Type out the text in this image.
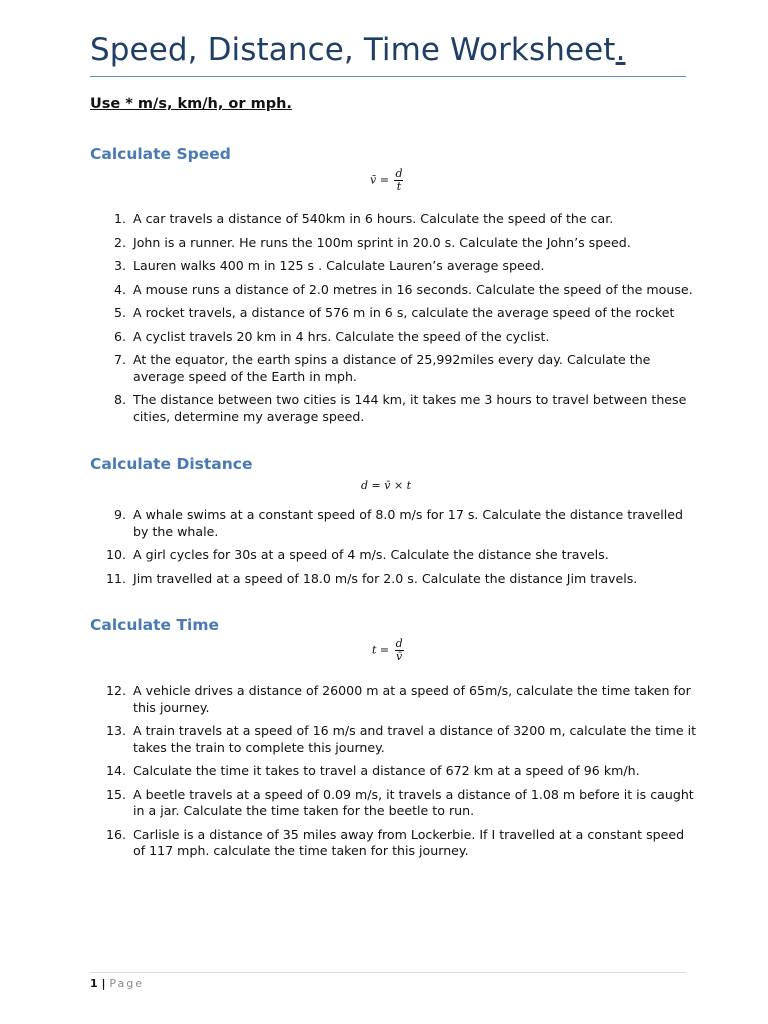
Speed, Distance, Time Worksheet.
Use * m/s, km/h, or mph.
Calculate Speed
v̄ = $\frac{d}{t}$
1. A car travels a distance of 540km in 6 hours. Calculate the speed of the car.
2. John is a runner. He runs the 100m sprint in 20.0 s. Calculate the John’s speed.
3. Lauren walks 400 m in 125 s . Calculate Lauren’s average speed.
4. A mouse runs a distance of 2.0 metres in 16 seconds. Calculate the speed of the mouse.
5. A rocket travels, a distance of 576 m in 6 s, calculate the average speed of the rocket
6. A cyclist travels 20 km in 4 hrs. Calculate the speed of the cyclist.
7. At the equator, the earth spins a distance of 25,992miles every day. Calculate the average speed of the Earth in mph.
8. The distance between two cities is 144 km, it takes me 3 hours to travel between these cities, determine my average speed.
Calculate Distance
d = v̄ × t
9. A whale swims at a constant speed of 8.0 m/s for 17 s. Calculate the distance travelled by the whale.
10. A girl cycles for 30s at a speed of 4 m/s. Calculate the distance she travels.
11. Jim travelled at a speed of 18.0 m/s for 2.0 s. Calculate the distance Jim travels.
Calculate Time
$t = \frac{d}{v̄}$
12. A vehicle drives a distance of 26000 m at a speed of 65m/s, calculate the time taken for this journey.
13. A train travels at a speed of 16 m/s and travel a distance of 3200 m, calculate the time it takes the train to complete this journey.
14. Calculate the time it takes to travel a distance of 672 km at a speed of 96 km/h.
15. A beetle travels at a speed of 0.09 m/s, it travels a distance of 1.08 m before it is caught in a jar. Calculate the time taken for the beetle to run.
16. Carlisle is a distance of 35 miles away from Lockerbie. If I travelled at a constant speed of 117 mph. calculate the time taken for this journey.
1 | Page
